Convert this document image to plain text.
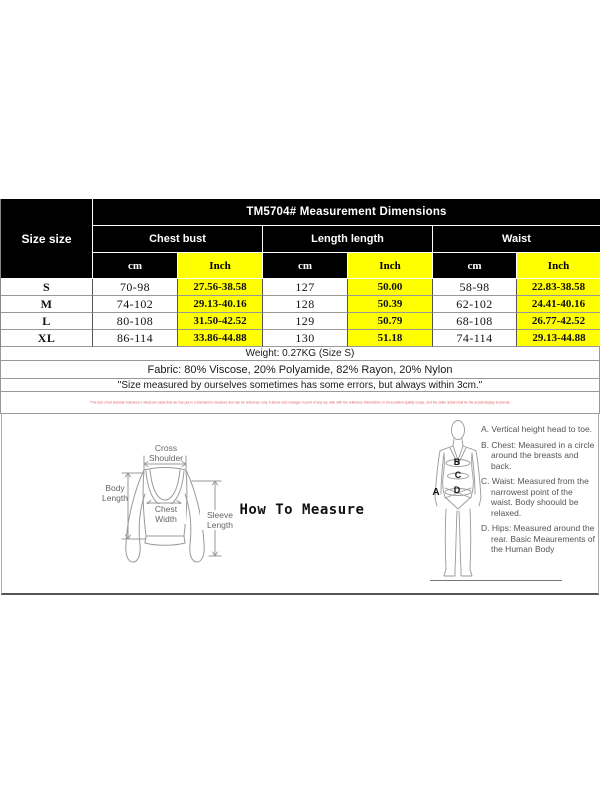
Size size
TM5704# Measurement Dimensions
Chest bust	Length length	Waist
cm	Inch	cm	Inch	cm	Inch
S	70-98	27.56-38.58	127	50.00	58-98	22.83-38.58
M	74-102	29.13-40.16	128	50.39	62-102	24.41-40.16
L	80-108	31.50-42.52	129	50.79	68-108	26.77-42.52
XL	86-114	33.86-44.88	130	51.18	74-114	29.13-44.88
Weight: 0.27KG (Size S)
Fabric: 80% Viscose, 20% Polyamide, 82% Rayon, 20% Nylon
"Size measured by ourselves sometimes has some errors, but always within 3cm."
*The size chart (include 'tolerance'). Measure value that we has put in a standard to measure and can be reference only, if above size changes in print of any top note with the reference information, in an excellent quality scope, and the seller detail shall be the actual display to prevail.
Cross Shoulder
Body Length
Chest Width	Sleeve Length
How To Measure
A
B
C
D
A. Vertical height head to toe.
B. Chest: Measured in a circle around the breasts and back.
C. Waist: Measured from the narrowest point of the waist. Body shoould be relaxed.
D. Hips: Measured around the rear. Basic Meaurements of the Human Body
